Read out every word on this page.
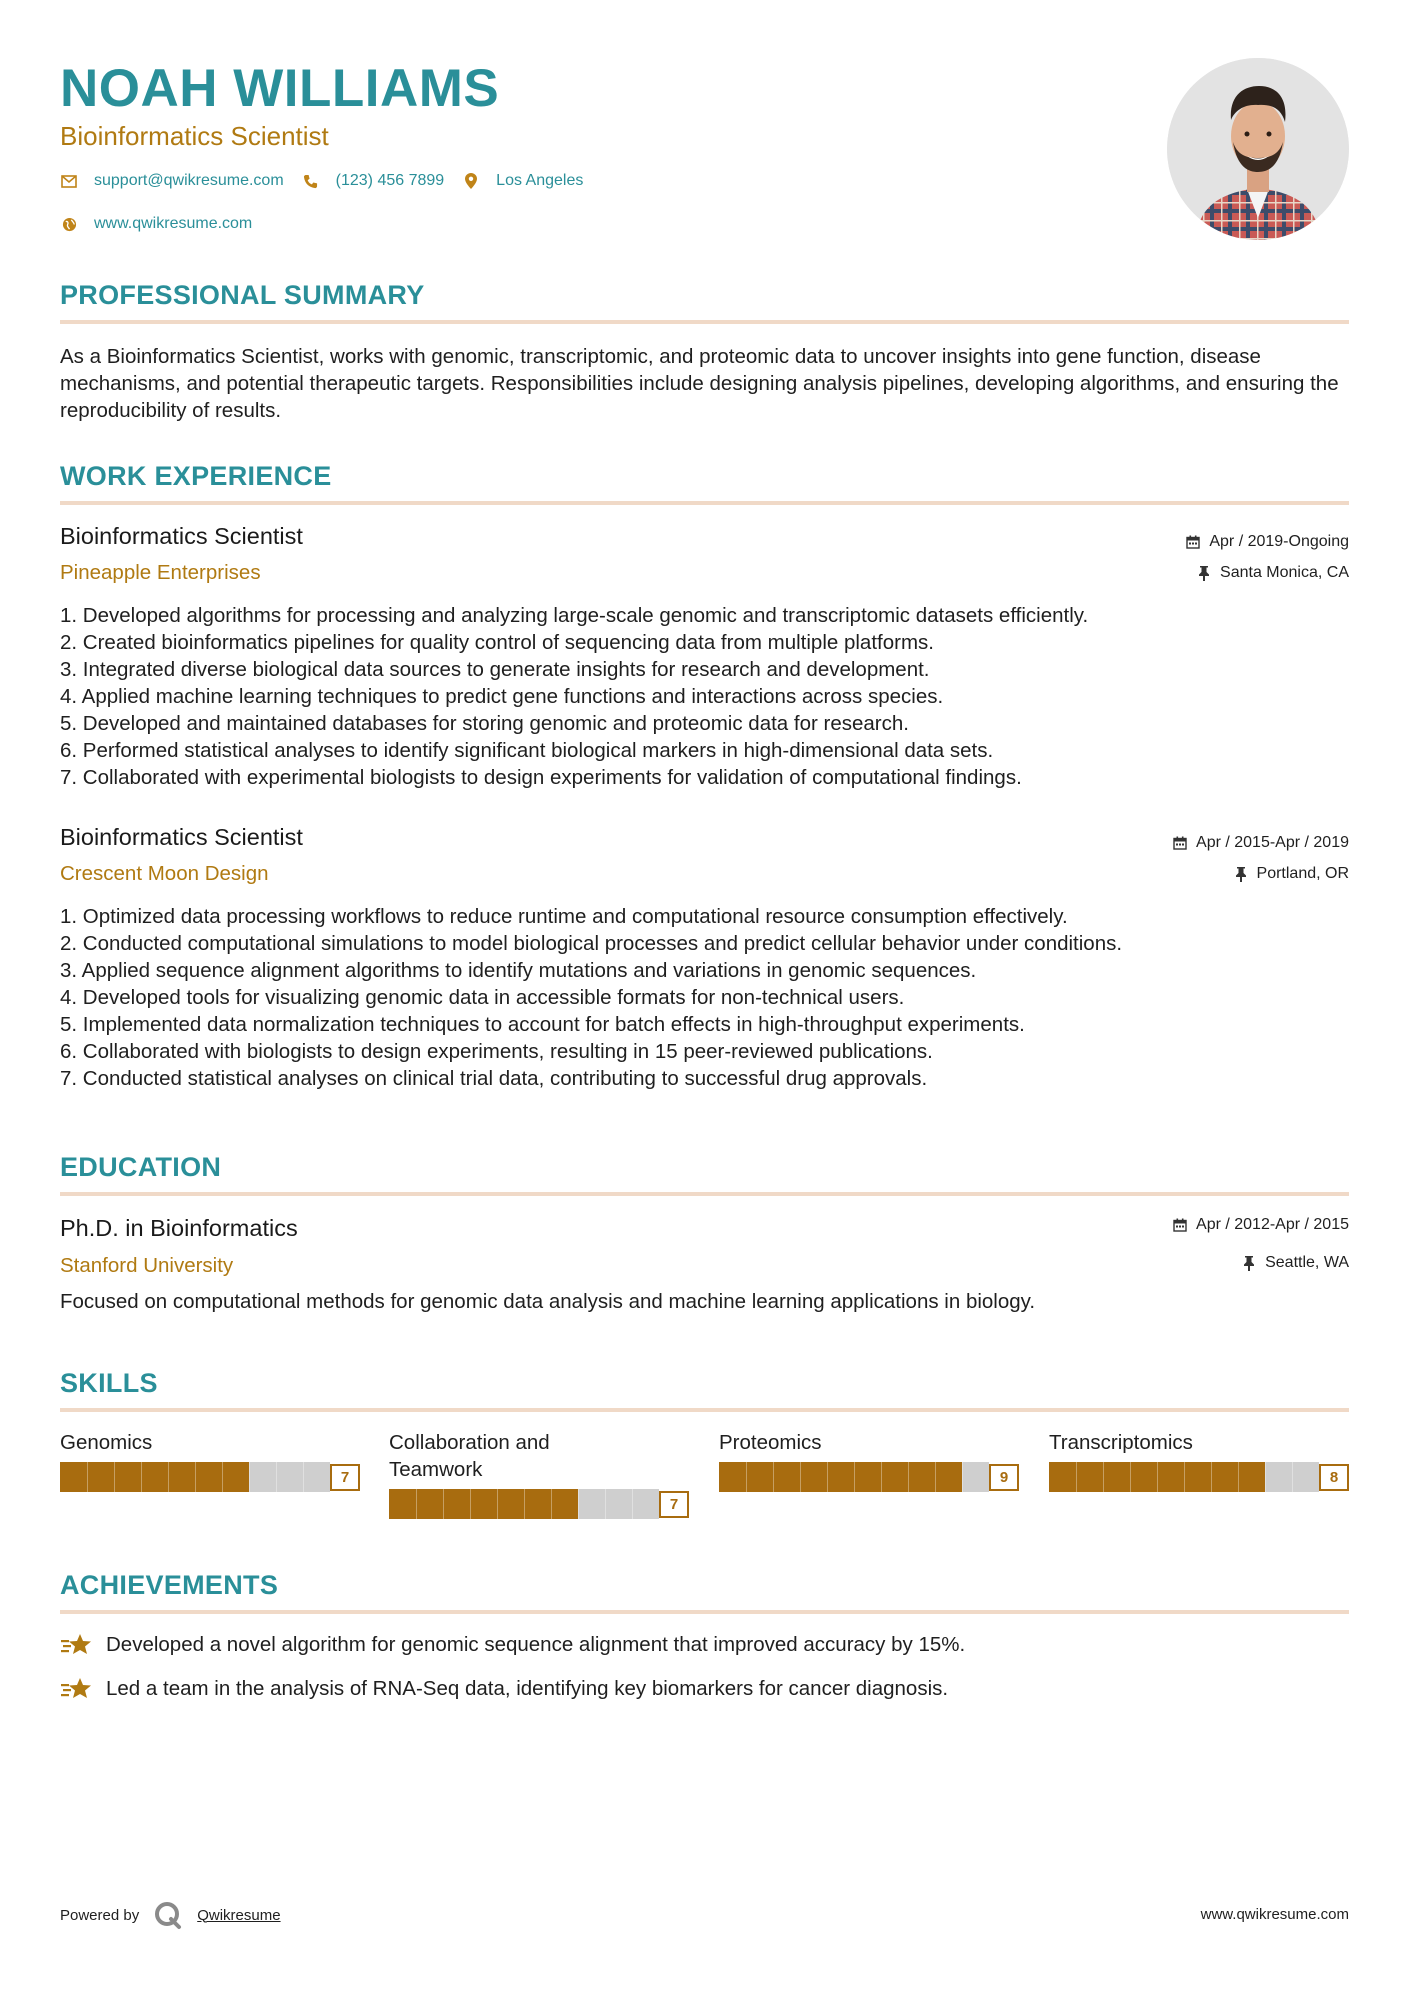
NOAH WILLIAMS
Bioinformatics Scientist
support@qwikresume.com	(123) 456 7899	Los Angeles
www.qwikresume.com
PROFESSIONAL SUMMARY
As a Bioinformatics Scientist, works with genomic, transcriptomic, and proteomic data to uncover insights into gene function, disease mechanisms, and potential therapeutic targets. Responsibilities include designing analysis pipelines, developing algorithms, and ensuring the reproducibility of results.
WORK EXPERIENCE
Bioinformatics Scientist
Pineapple Enterprises
Apr / 2019-Ongoing
Santa Monica, CA
1. Developed algorithms for processing and analyzing large-scale genomic and transcriptomic datasets efficiently.
2. Created bioinformatics pipelines for quality control of sequencing data from multiple platforms.
3. Integrated diverse biological data sources to generate insights for research and development.
4. Applied machine learning techniques to predict gene functions and interactions across species.
5. Developed and maintained databases for storing genomic and proteomic data for research.
6. Performed statistical analyses to identify significant biological markers in high-dimensional data sets.
7. Collaborated with experimental biologists to design experiments for validation of computational findings.
Bioinformatics Scientist
Crescent Moon Design
Apr / 2015-Apr / 2019
Portland, OR
1. Optimized data processing workflows to reduce runtime and computational resource consumption effectively.
2. Conducted computational simulations to model biological processes and predict cellular behavior under conditions.
3. Applied sequence alignment algorithms to identify mutations and variations in genomic sequences.
4. Developed tools for visualizing genomic data in accessible formats for non-technical users.
5. Implemented data normalization techniques to account for batch effects in high-throughput experiments.
6. Collaborated with biologists to design experiments, resulting in 15 peer-reviewed publications.
7. Conducted statistical analyses on clinical trial data, contributing to successful drug approvals.
EDUCATION
Ph.D. in Bioinformatics
Stanford University
Apr / 2012-Apr / 2015
Seattle, WA
Focused on computational methods for genomic data analysis and machine learning applications in biology.
SKILLS
Genomics
7
Collaboration and Teamwork
7
Proteomics
9
Transcriptomics
8
ACHIEVEMENTS
Developed a novel algorithm for genomic sequence alignment that improved accuracy by 15%.
Led a team in the analysis of RNA-Seq data, identifying key biomarkers for cancer diagnosis.
Powered by	Qwikresume	www.qwikresume.com
